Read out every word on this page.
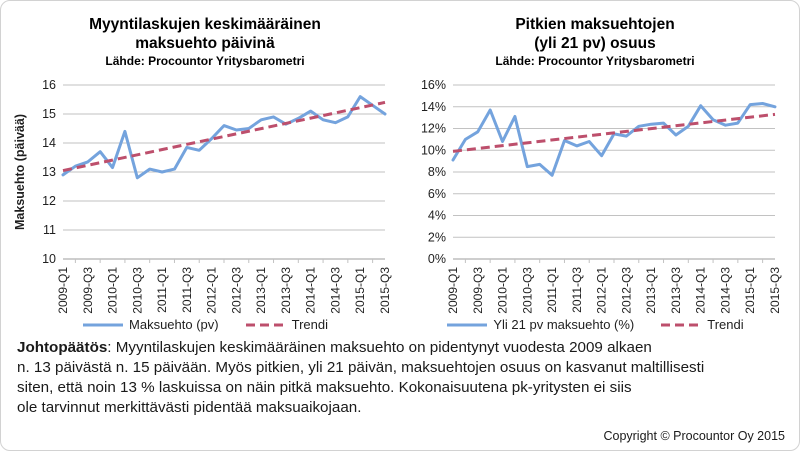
Myyntilaskujen keskimääräinen
maksuehto päivinä
Lähde: Procountor Yritysbarometri
10
11
12
13
14
15
16
Maksuehto (päivää)
2009-Q1 2009-Q3 2010-Q1 2010-Q3 2011-Q1 2011-Q3 2012-Q1 2012-Q3 2013-Q1 2013-Q3 2014-Q1 2014-Q3 2015-Q1 2015-Q3
Maksuehto (pv)	Trendi
Pitkien maksuehtojen
(yli 21 pv) osuus
Lähde: Procountor Yritysbarometri
0%
2%
4%
6%
8%
10%
12%
14%
16%
2009-Q1 2009-Q3 2010-Q1 2010-Q3 2011-Q1 2011-Q3 2012-Q1 2012-Q3 2013-Q1 2013-Q3 2014-Q1 2014-Q3 2015-Q1 2015-Q3
Yli 21 pv maksuehto (%)	Trendi

Johtopäätös: Myyntilaskujen keskimääräinen maksuehto on pidentynyt vuodesta 2009 alkaen
n. 13 päivästä n. 15 päivään. Myös pitkien, yli 21 päivän, maksuehtojen osuus on kasvanut maltillisesti
siten, että noin 13 % laskuissa on näin pitkä maksuehto. Kokonaisuutena pk-yritysten ei siis
ole tarvinnut merkittävästi pidentää maksuaikojaan.

Copyright © Procountor Oy 2015
